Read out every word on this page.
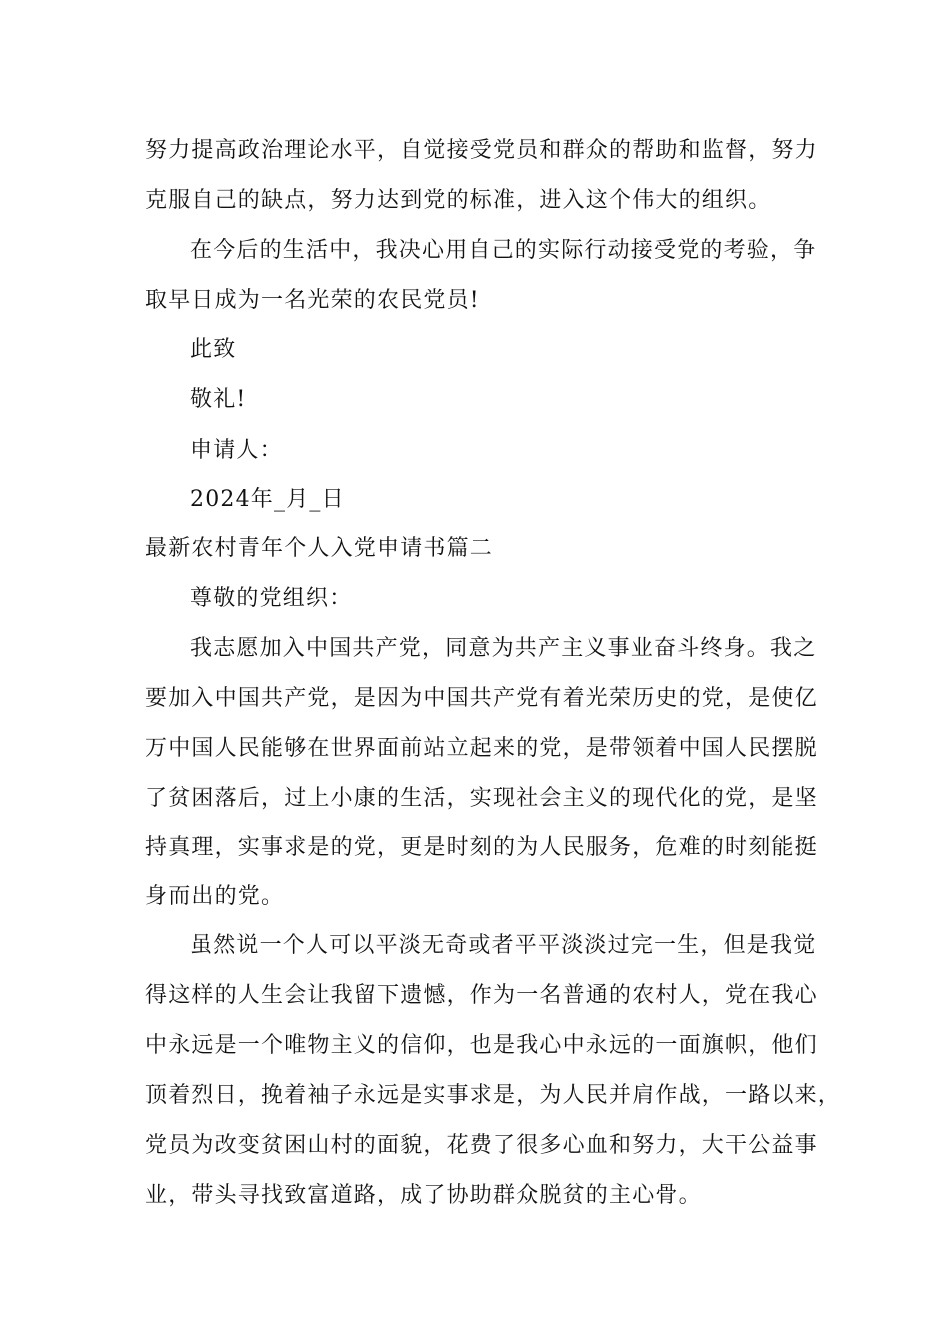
努力提高政治理论水平，自觉接受党员和群众的帮助和监督，努力
克服自己的缺点，努力达到党的标准，进入这个伟大的组织。
在今后的生活中，我决心用自己的实际行动接受党的考验，争
取早日成为一名光荣的农民党员!
此致
敬礼!
申请人：
2024年_月_日
最新农村青年个人入党申请书篇二
尊敬的党组织：
我志愿加入中国共产党，同意为共产主义事业奋斗终身。我之
要加入中国共产党，是因为中国共产党有着光荣历史的党，是使亿
万中国人民能够在世界面前站立起来的党，是带领着中国人民摆脱
了贫困落后，过上小康的生活，实现社会主义的现代化的党，是坚
持真理，实事求是的党，更是时刻的为人民服务，危难的时刻能挺
身而出的党。
虽然说一个人可以平淡无奇或者平平淡淡过完一生，但是我觉
得这样的人生会让我留下遗憾，作为一名普通的农村人，党在我心
中永远是一个唯物主义的信仰，也是我心中永远的一面旗帜，他们
顶着烈日，挽着袖子永远是实事求是，为人民并肩作战，一路以来，
党员为改变贫困山村的面貌，花费了很多心血和努力，大干公益事
业，带头寻找致富道路，成了协助群众脱贫的主心骨。
